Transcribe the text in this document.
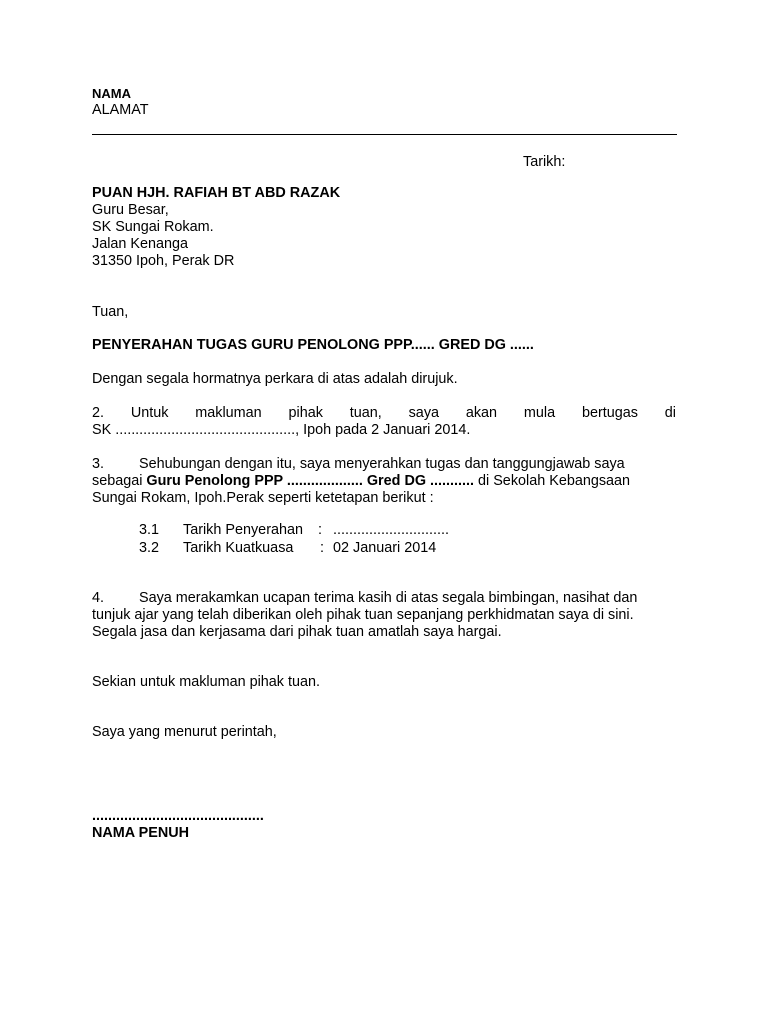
NAMA
ALAMAT
Tarikh:
PUAN HJH. RAFIAH BT ABD RAZAK
Guru Besar,
SK Sungai Rokam.
Jalan Kenanga
31350 Ipoh, Perak DR
Tuan,
PENYERAHAN TUGAS GURU PENOLONG PPP...... GRED DG ......
Dengan segala hormatnya perkara di atas adalah dirujuk.
2. Untuk makluman pihak tuan, saya akan mula bertugas di
SK ............................................., Ipoh pada 2 Januari 2014.
3. Sehubungan dengan itu, saya menyerahkan tugas dan tanggungjawab saya
sebagai Guru Penolong PPP ................... Gred DG ........... di Sekolah Kebangsaan
Sungai Rokam, Ipoh.Perak seperti ketetapan berikut :
3.1 Tarikh Penyerahan : .............................
3.2 Tarikh Kuatkuasa : 02 Januari 2014
4. Saya merakamkan ucapan terima kasih di atas segala bimbingan, nasihat dan
tunjuk ajar yang telah diberikan oleh pihak tuan sepanjang perkhidmatan saya di sini.
Segala jasa dan kerjasama dari pihak tuan amatlah saya hargai.
Sekian untuk makluman pihak tuan.
Saya yang menurut perintah,
...........................................
NAMA PENUH
